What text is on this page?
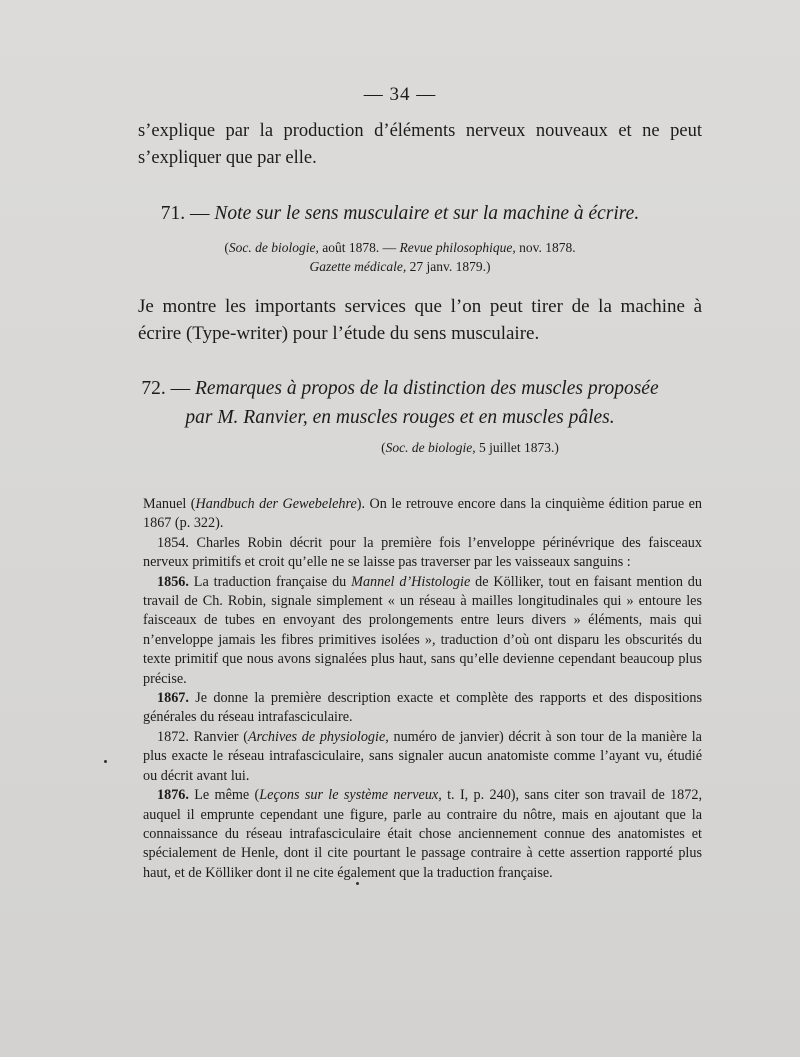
— 34 —
s’explique par la production d’éléments nerveux nouveaux et ne peut s’expliquer que par elle.
71. — Note sur le sens musculaire et sur la machine à écrire.
(Soc. de biologie, août 1878. — Revue philosophique, nov. 1878.
Gazette médicale, 27 janv. 1879.)
Je montre les importants services que l’on peut tirer de la machine à écrire (Type-writer) pour l’étude du sens musculaire.
72. — Remarques à propos de la distinction des muscles proposée
par M. Ranvier, en muscles rouges et en muscles pâles.
(Soc. de biologie, 5 juillet 1873.)

Manuel (Handbuch der Gewebelehre). On le retrouve encore dans la cinquième édition parue en 1867 (p. 322).

1854. Charles Robin décrit pour la première fois l’enveloppe périnévrique des faisceaux nerveux primitifs et croit qu’elle ne se laisse pas traverser par les vaisseaux sanguins :

1856. La traduction française du Mannel d’Histologie de Kölliker, tout en faisant mention du travail de Ch. Robin, signale simplement « un réseau à mailles longitudinales qui » entoure les faisceaux de tubes en envoyant des prolongements entre leurs divers » éléments, mais qui n’enveloppe jamais les fibres primitives isolées », traduction d’où ont disparu les obscurités du texte primitif que nous avons signalées plus haut, sans qu’elle devienne cependant beaucoup plus précise.

1867. Je donne la première description exacte et complète des rapports et des dispositions générales du réseau intrafasciculaire.

1872. Ranvier (Archives de physiologie, numéro de janvier) décrit à son tour de la manière la plus exacte le réseau intrafasciculaire, sans signaler aucun anatomiste comme l’ayant vu, étudié ou décrit avant lui.

1876. Le même (Leçons sur le système nerveux, t. I, p. 240), sans citer son travail de 1872, auquel il emprunte cependant une figure, parle au contraire du nôtre, mais en ajoutant que la connaissance du réseau intrafasciculaire était chose anciennement connue des anatomistes et spécialement de Henle, dont il cite pourtant le passage contraire à cette assertion rapporté plus haut, et de Kölliker dont il ne cite également que la traduction française.
